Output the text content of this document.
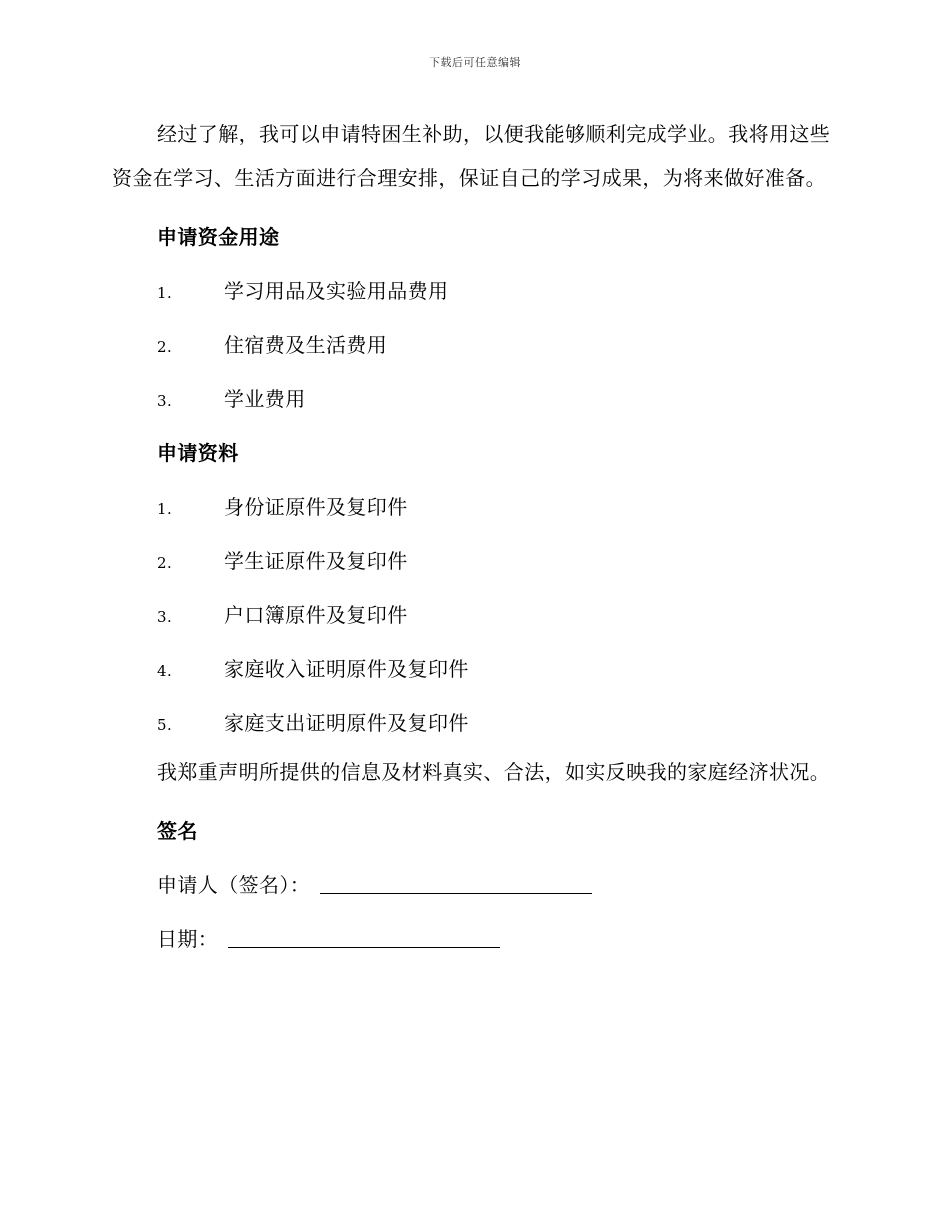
下载后可任意编辑

经过了解，我可以申请特困生补助，以便我能够顺利完成学业。我将用这些资金在学习、生活方面进行合理安排，保证自己的学习成果，为将来做好准备。

申请资金用途
1.	学习用品及实验用品费用
2.	住宿费及生活费用
3.	学业费用
申请资料
1.	身份证原件及复印件
2.	学生证原件及复印件
3.	户口簿原件及复印件
4.	家庭收入证明原件及复印件
5.	家庭支出证明原件及复印件

我郑重声明所提供的信息及材料真实、合法，如实反映我的家庭经济状况。

签名
申请人（签名）：
日期：
